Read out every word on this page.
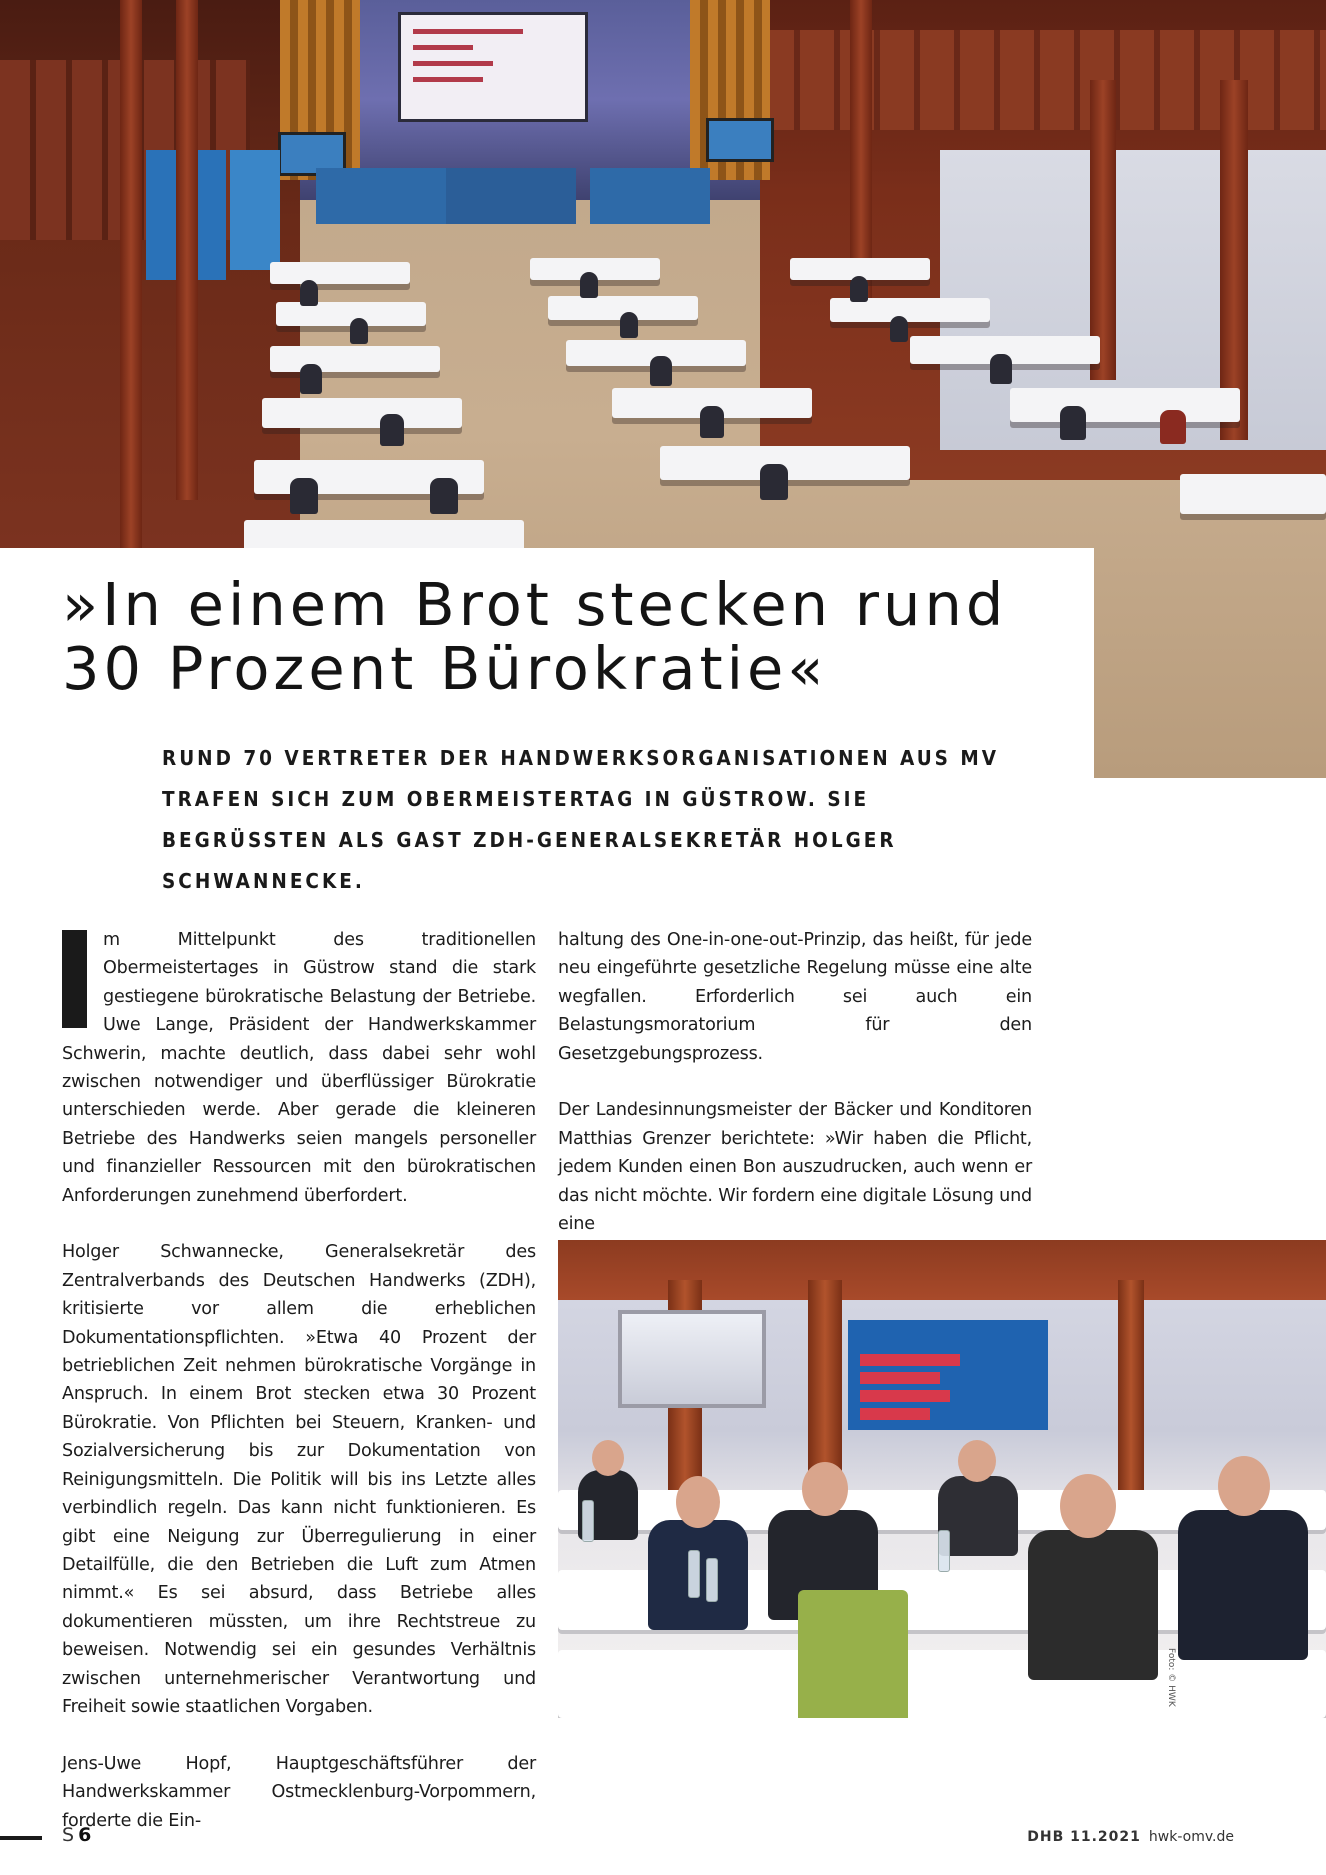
»In einem Brot stecken rund 30 Prozent Bürokratie«

RUND 70 VERTRETER DER HANDWERKSORGANISATIONEN AUS MV TRAFEN SICH ZUM OBERMEISTERTAG IN GÜSTROW. SIE BEGRÜSSTEN ALS GAST ZDH-GENERALSEKRETÄR HOLGER SCHWANNECKE.

m Mittelpunkt des traditionellen Obermeistertages in Güstrow stand die stark gestiegene bürokratische Belastung der Betriebe. Uwe Lange, Präsident der Handwerkskammer Schwerin, machte deutlich, dass dabei sehr wohl zwischen notwendiger und überflüssiger Bürokratie unterschieden werde. Aber gerade die kleineren Betriebe des Handwerks seien mangels personeller und finanzieller Ressourcen mit den bürokratischen Anforderungen zunehmend überfordert.

Holger Schwannecke, Generalsekretär des Zentralverbands des Deutschen Handwerks (ZDH), kritisierte vor allem die erheblichen Dokumentationspflichten. »Etwa 40 Prozent der betrieblichen Zeit nehmen bürokratische Vorgänge in Anspruch. In einem Brot stecken etwa 30 Prozent Bürokratie. Von Pflichten bei Steuern, Kranken- und Sozialversicherung bis zur Dokumentation von Reinigungsmitteln. Die Politik will bis ins Letzte alles verbindlich regeln. Das kann nicht funktionieren. Es gibt eine Neigung zur Überregulierung in einer Detailfülle, die den Betrieben die Luft zum Atmen nimmt.« Es sei absurd, dass Betriebe alles dokumentieren müssten, um ihre Rechtstreue zu beweisen. Notwendig sei ein gesundes Verhältnis zwischen unternehmerischer Verantwortung und Freiheit sowie staatlichen Vorgaben.

Jens-Uwe Hopf, Hauptgeschäftsführer der Handwerkskammer Ostmecklenburg-Vorpommern, forderte die Ein-

haltung des One-in-one-out-Prinzip, das heißt, für jede neu eingeführte gesetzliche Regelung müsse eine alte wegfallen. Erforderlich sei auch ein Belastungsmoratorium für den Gesetzgebungsprozess.

Der Landesinnungsmeister der Bäcker und Konditoren Matthias Grenzer berichtete: »Wir haben die Pflicht, jedem Kunden einen Bon auszudrucken, auch wenn er das nicht möchte. Wir fordern eine digitale Lösung und eine

Foto: © HWK
S 6	DHB 11.2021 hwk-omv.de
